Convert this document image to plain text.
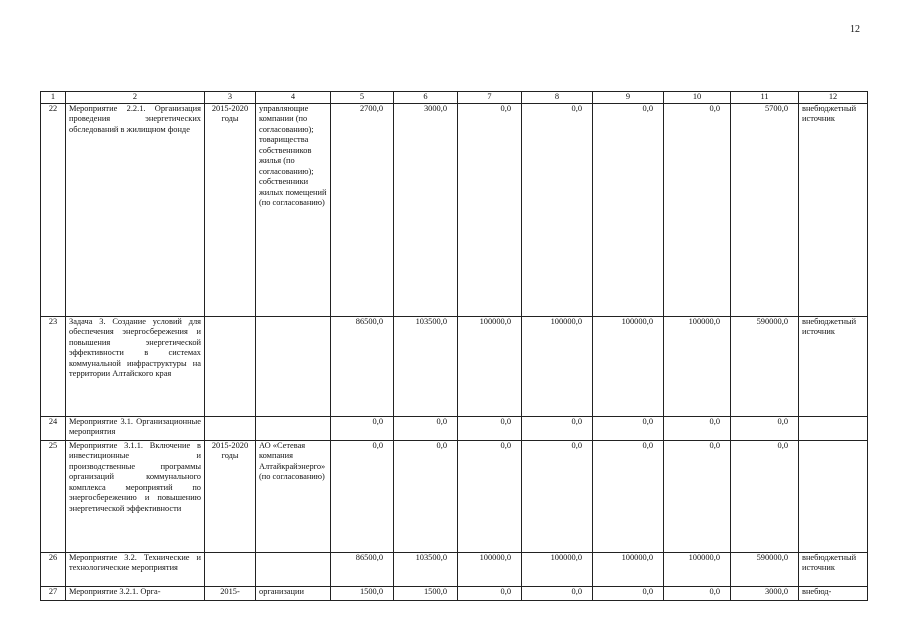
12
1	2	3	4	5	6	7	8	9	10	11	12
22	Мероприятие 2.2.1. Организация проведения энергетических обследований в жилищном фонде	2015-2020 годы	управляющие компании (по согласованию); товарищества собственников жилья (по согласованию); собственники жилых помещений (по согласованию)	2700,0	3000,0	0,0	0,0	0,0	0,0	5700,0	внебюджетный источник
23	Задача 3. Создание условий для обеспечения энергосбережения и повышения энергетической эффективности в системах коммунальной инфраструктуры на территории Алтайского края			86500,0	103500,0	100000,0	100000,0	100000,0	100000,0	590000,0	внебюджетный источник
24	Мероприятие 3.1. Организационные мероприятия			0,0	0,0	0,0	0,0	0,0	0,0	0,0	
25	Мероприятие 3.1.1. Включение в инвестиционные и производственные программы организаций коммунального комплекса мероприятий по энергосбережению и повышению энергетической эффективности	2015-2020 годы	АО «Сетевая компания Алтайкрайэнерго» (по согласованию)	0,0	0,0	0,0	0,0	0,0	0,0	0,0	
26	Мероприятие 3.2. Технические и технологические мероприятия			86500,0	103500,0	100000,0	100000,0	100000,0	100000,0	590000,0	внебюджетный источник
27	Мероприятие 3.2.1. Орга-	2015-	организации	1500,0	1500,0	0,0	0,0	0,0	0,0	3000,0	внебюд-
